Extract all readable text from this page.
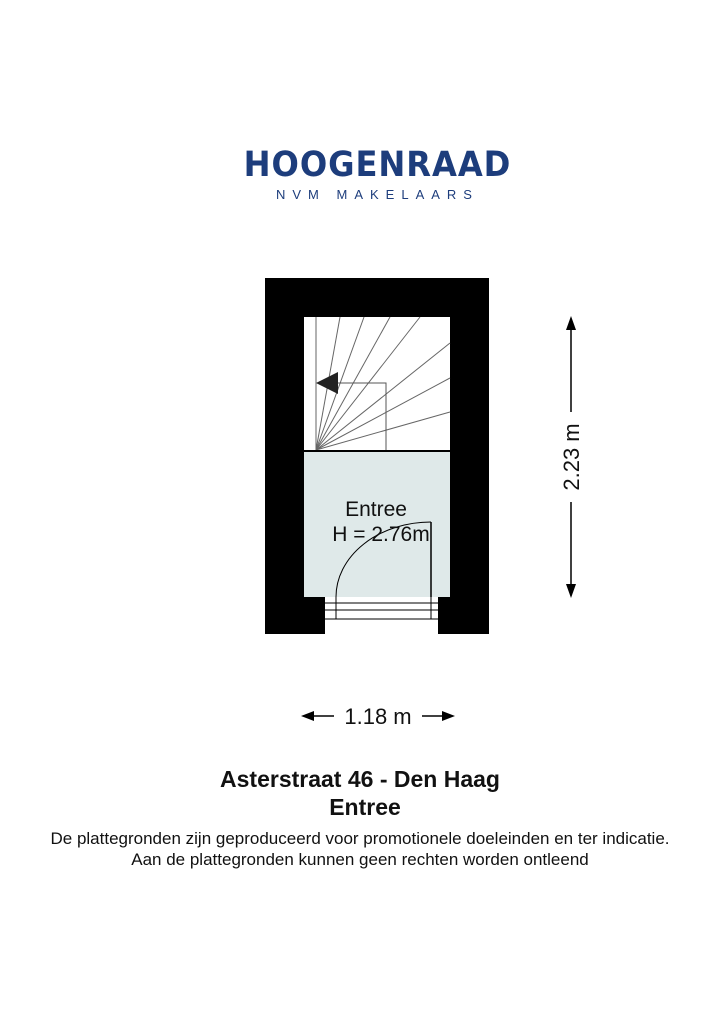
HOOGENRAAD
NVM MAKELAARS
Entree
H = 2.76m
2.23 m
1.18 m
Asterstraat 46 - Den Haag
Entree
De plattegronden zijn geproduceerd voor promotionele doeleinden en ter indicatie.
Aan de plattegronden kunnen geen rechten worden ontleend
